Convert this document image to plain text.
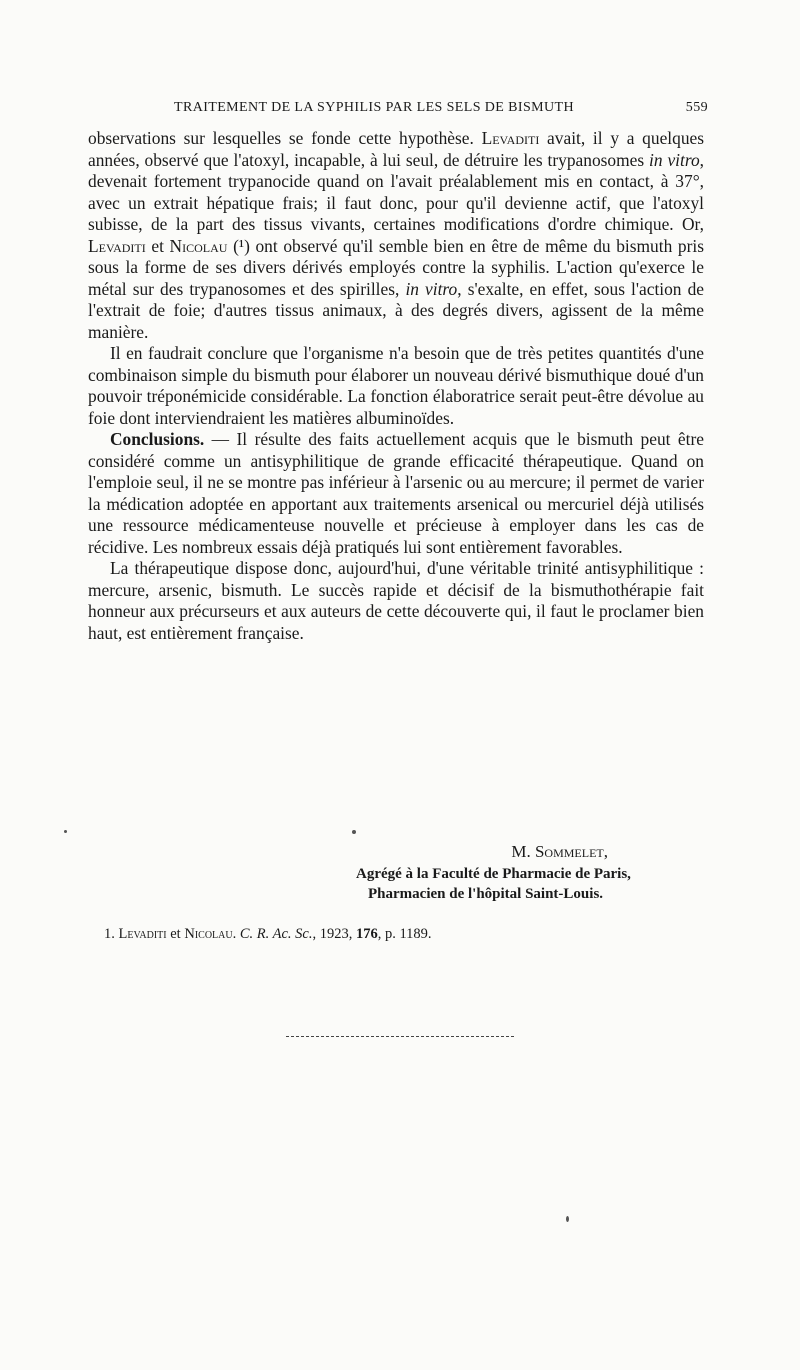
TRAITEMENT DE LA SYPHILIS PAR LES SELS DE BISMUTH	559

observations sur lesquelles se fonde cette hypothèse. Levaditi avait, il y a quelques années, observé que l'atoxyl, incapable, à lui seul, de détruire les trypanosomes in vitro, devenait fortement trypanocide quand on l'avait préalablement mis en contact, à 37°, avec un extrait hépatique frais; il faut donc, pour qu'il devienne actif, que l'atoxyl subisse, de la part des tissus vivants, certaines modifications d'ordre chimique. Or, Levaditi et Nicolau (¹) ont observé qu'il semble bien en être de même du bismuth pris sous la forme de ses divers dérivés employés contre la syphilis. L'action qu'exerce le métal sur des trypanosomes et des spirilles, in vitro, s'exalte, en effet, sous l'action de l'extrait de foie; d'autres tissus animaux, à des degrés divers, agissent de la même manière.

Il en faudrait conclure que l'organisme n'a besoin que de très petites quantités d'une combinaison simple du bismuth pour élaborer un nouveau dérivé bismuthique doué d'un pouvoir tréponémicide considérable. La fonction élaboratrice serait peut-être dévolue au foie dont interviendraient les matières albuminoïdes.

Conclusions. — Il résulte des faits actuellement acquis que le bismuth peut être considéré comme un antisyphilitique de grande efficacité thérapeutique. Quand on l'emploie seul, il ne se montre pas inférieur à l'arsenic ou au mercure; il permet de varier la médication adoptée en apportant aux traitements arsenical ou mercuriel déjà utilisés une ressource médicamenteuse nouvelle et précieuse à employer dans les cas de récidive. Les nombreux essais déjà pratiqués lui sont entièrement favorables.

La thérapeutique dispose donc, aujourd'hui, d'une véritable trinité antisyphilitique : mercure, arsenic, bismuth. Le succès rapide et décisif de la bismuthothérapie fait honneur aux précurseurs et aux auteurs de cette découverte qui, il faut le proclamer bien haut, est entièrement française.

M. Sommelet,
Agrégé à la Faculté de Pharmacie de Paris,
Pharmacien de l'hôpital Saint-Louis.
1. Levaditi et Nicolau. C. R. Ac. Sc., 1923, 176, p. 1189.
